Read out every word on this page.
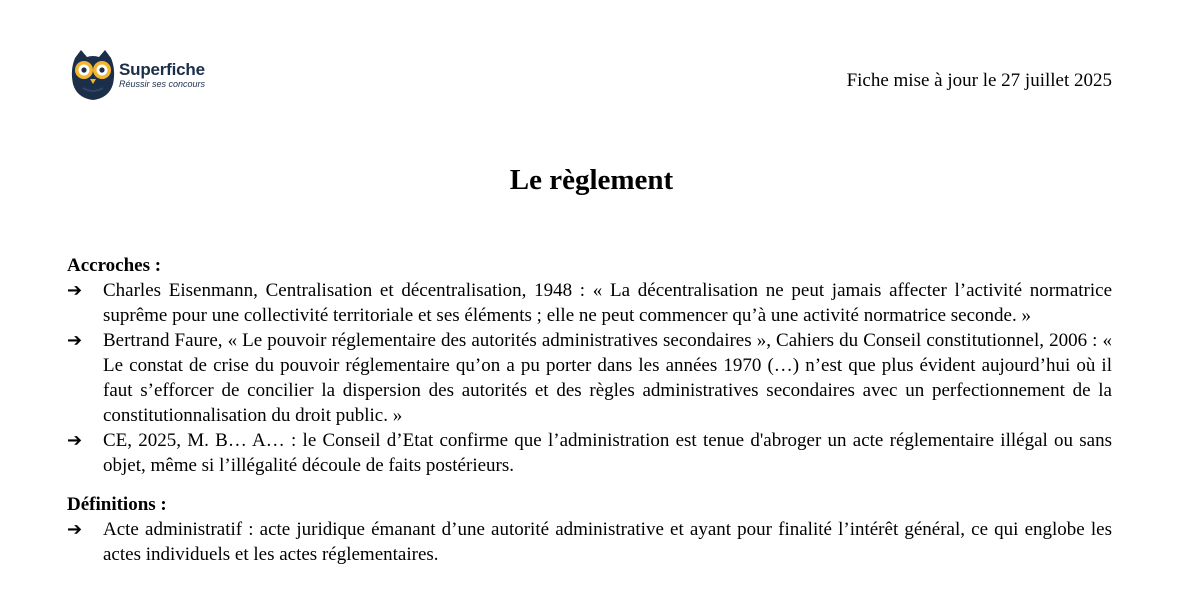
Superfiche
Réussir ses concours	Fiche mise à jour le 27 juillet 2025
Le règlement
Accroches :
➔ Charles Eisenmann, Centralisation et décentralisation, 1948 : « La décentralisation ne peut jamais affecter l’activité normatrice suprême pour une collectivité territoriale et ses éléments ; elle ne peut commencer qu’à une activité normatrice seconde. »
➔ Bertrand Faure, « Le pouvoir réglementaire des autorités administratives secondaires », Cahiers du Conseil constitutionnel, 2006 : « Le constat de crise du pouvoir réglementaire qu’on a pu porter dans les années 1970 (…) n’est que plus évident aujourd’hui où il faut s’efforcer de concilier la dispersion des autorités et des règles administratives secondaires avec un perfectionnement de la constitutionnalisation du droit public. »
➔ CE, 2025, M. B… A… : le Conseil d’Etat confirme que l’administration est tenue d'abroger un acte réglementaire illégal ou sans objet, même si l’illégalité découle de faits postérieurs.
Définitions :
➔ Acte administratif : acte juridique émanant d’une autorité administrative et ayant pour finalité l’intérêt général, ce qui englobe les actes individuels et les actes réglementaires.
